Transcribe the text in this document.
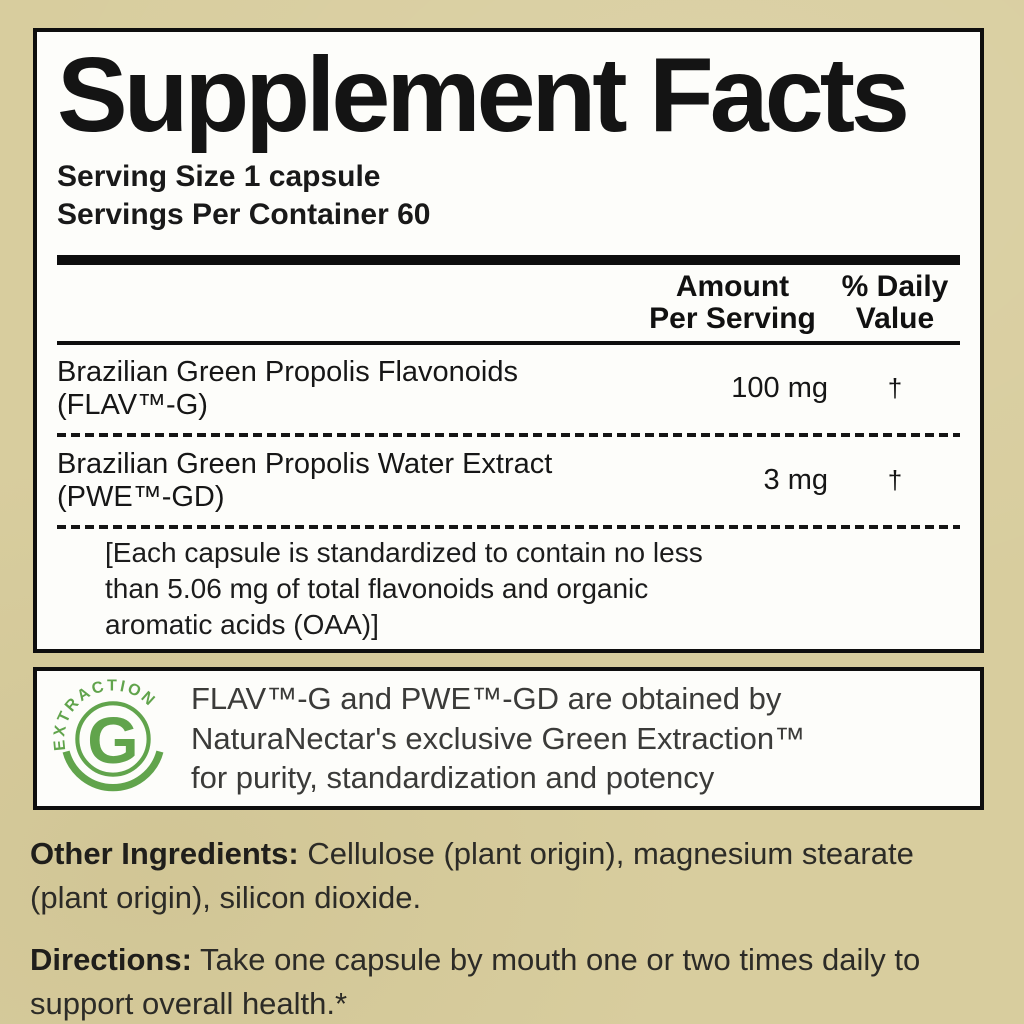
Supplement Facts
Serving Size 1 capsule
Servings Per Container 60
Amount
Per Serving
% Daily
Value
Brazilian Green Propolis Flavonoids (FLAV™-G)
100 mg	†
Brazilian Green Propolis Water Extract (PWE™-GD)
3 mg	†
[Each capsule is standardized to contain no less
than 5.06 mg of total flavonoids and organic
aromatic acids (OAA)]
EXTRACTION
G
FLAV™-G and PWE™-GD are obtained by
NaturaNectar's exclusive Green Extraction™
for purity, standardization and potency
Other Ingredients: Cellulose (plant origin), magnesium stearate (plant origin), silicon dioxide.
Directions: Take one capsule by mouth one or two times daily to support overall health.*
